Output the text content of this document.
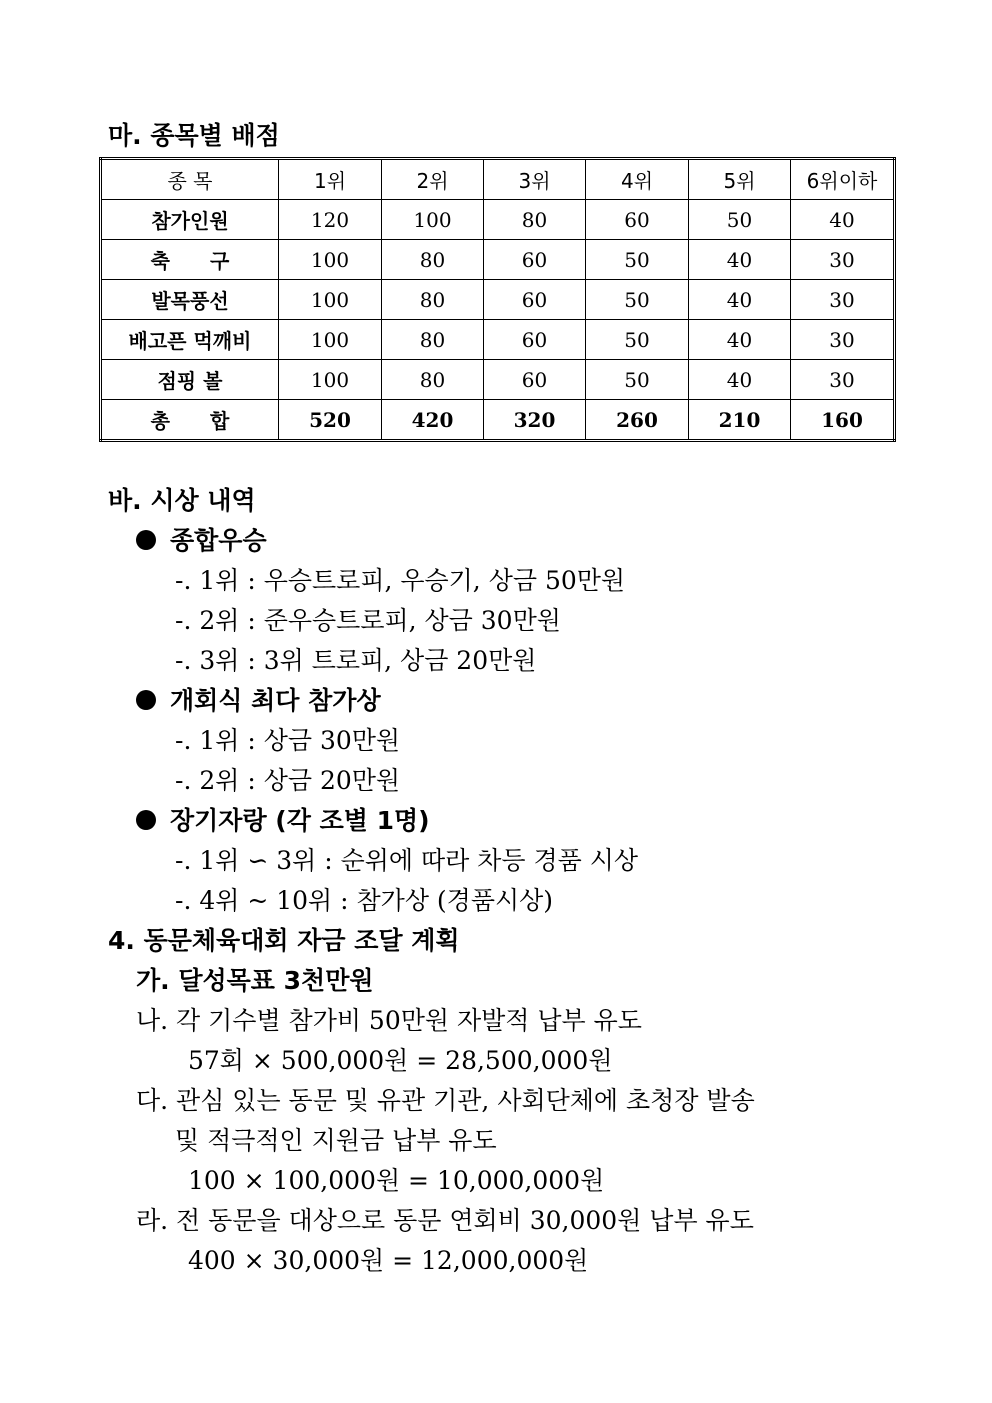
마. 종목별 배점
종 목	1위	2위	3위	4위	5위	6위이하
참가인원	120	100	80	60	50	40
축　　구	100	80	60	50	40	30
발목풍선	100	80	60	50	40	30
배고픈 먹깨비	100	80	60	50	40	30
점핑 볼	100	80	60	50	40	30
총　　합	520	420	320	260	210	160
바. 시상 내역
종합우승
-. 1위 : 우승트로피, 우승기, 상금 50만원
-. 2위 : 준우승트로피, 상금 30만원
-. 3위 : 3위 트로피, 상금 20만원
개회식 최다 참가상
-. 1위 : 상금 30만원
-. 2위 : 상금 20만원
장기자랑 (각 조별 1명)
-. 1위 ∽ 3위 : 순위에 따라 차등 경품 시상
-. 4위 ~ 10위 : 참가상 (경품시상)
4. 동문체육대회 자금 조달 계획
가. 달성목표 3천만원
나. 각 기수별 참가비 50만원 자발적 납부 유도
57회 × 500,000원 = 28,500,000원
다. 관심 있는 동문 및 유관 기관, 사회단체에 초청장 발송
및 적극적인 지원금 납부 유도
100 × 100,000원 = 10,000,000원
라. 전 동문을 대상으로 동문 연회비 30,000원 납부 유도
400 × 30,000원 = 12,000,000원
